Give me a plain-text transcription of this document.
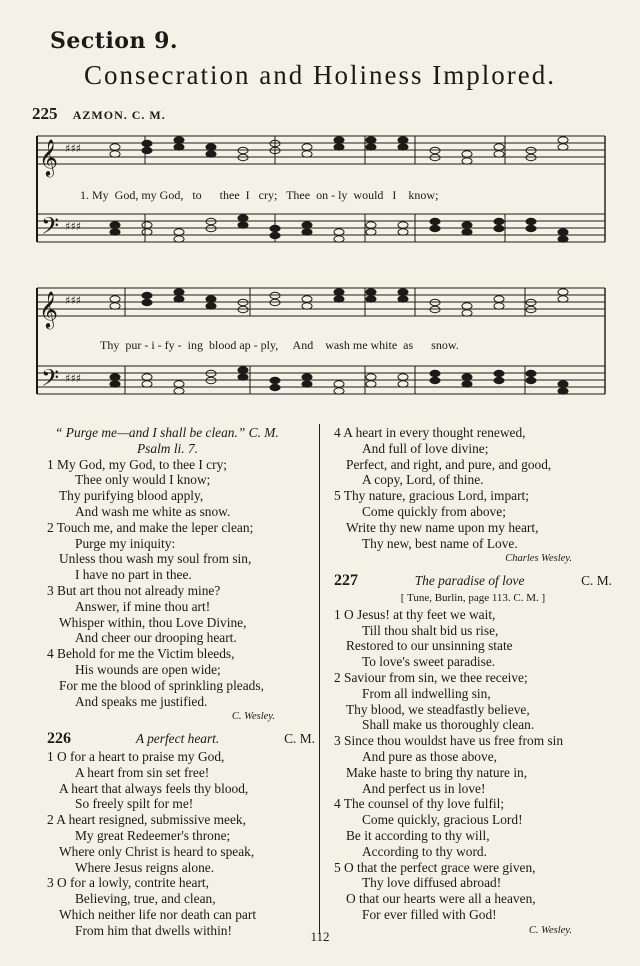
Section 9.
Consecration and Holiness Implored.
225 AZMON. C. M.
𝄞
𝄢
♯♯♯
♯♯♯
1. My  God, my God,   to      thee  I   cry;   Thee  on - ly  would   I    know;
𝄞
𝄢
♯♯♯
♯♯♯
Thy  pur - i - fy -  ing  blood ap - ply,     And    wash me white  as      snow.

“ Purge me—and I shall be clean.” C. M.

Psalm li. 7.

1 My God, my God, to thee I cry;

Thee only would I know;

Thy purifying blood apply,

And wash me white as snow.

2 Touch me, and make the leper clean;

Purge my iniquity:

Unless thou wash my soul from sin,

I have no part in thee.

3 But art thou not already mine?

Answer, if mine thou art!

Whisper within, thou Love Divine,

And cheer our drooping heart.

4 Behold for me the Victim bleeds,

His wounds are open wide;

For me the blood of sprinkling pleads,

And speaks me justified.

C. Wesley.

226	A perfect heart.	C. M.

1 O for a heart to praise my God,

A heart from sin set free!

A heart that always feels thy blood,

So freely spilt for me!

2 A heart resigned, submissive meek,

My great Redeemer's throne;

Where only Christ is heard to speak,

Where Jesus reigns alone.

3 O for a lowly, contrite heart,

Believing, true, and clean,

Which neither life nor death can part

From him that dwells within!

4 A heart in every thought renewed,

And full of love divine;

Perfect, and right, and pure, and good,

A copy, Lord, of thine.

5 Thy nature, gracious Lord, impart;

Come quickly from above;

Write thy new name upon my heart,

Thy new, best name of Love.

Charles Wesley.

227	The paradise of love	C. M.

[ Tune, Burlin, page 113. C. M. ]

1 O Jesus! at thy feet we wait,

Till thou shalt bid us rise,

Restored to our unsinning state

To love's sweet paradise.

2 Saviour from sin, we thee receive;

From all indwelling sin,

Thy blood, we steadfastly believe,

Shall make us thoroughly clean.

3 Since thou wouldst have us free from sin

And pure as those above,

Make haste to bring thy nature in,

And perfect us in love!

4 The counsel of thy love fulfil;

Come quickly, gracious Lord!

Be it according to thy will,

According to thy word.

5 O that the perfect grace were given,

Thy love diffused abroad!

O that our hearts were all a heaven,

For ever filled with God!

C. Wesley.

112
